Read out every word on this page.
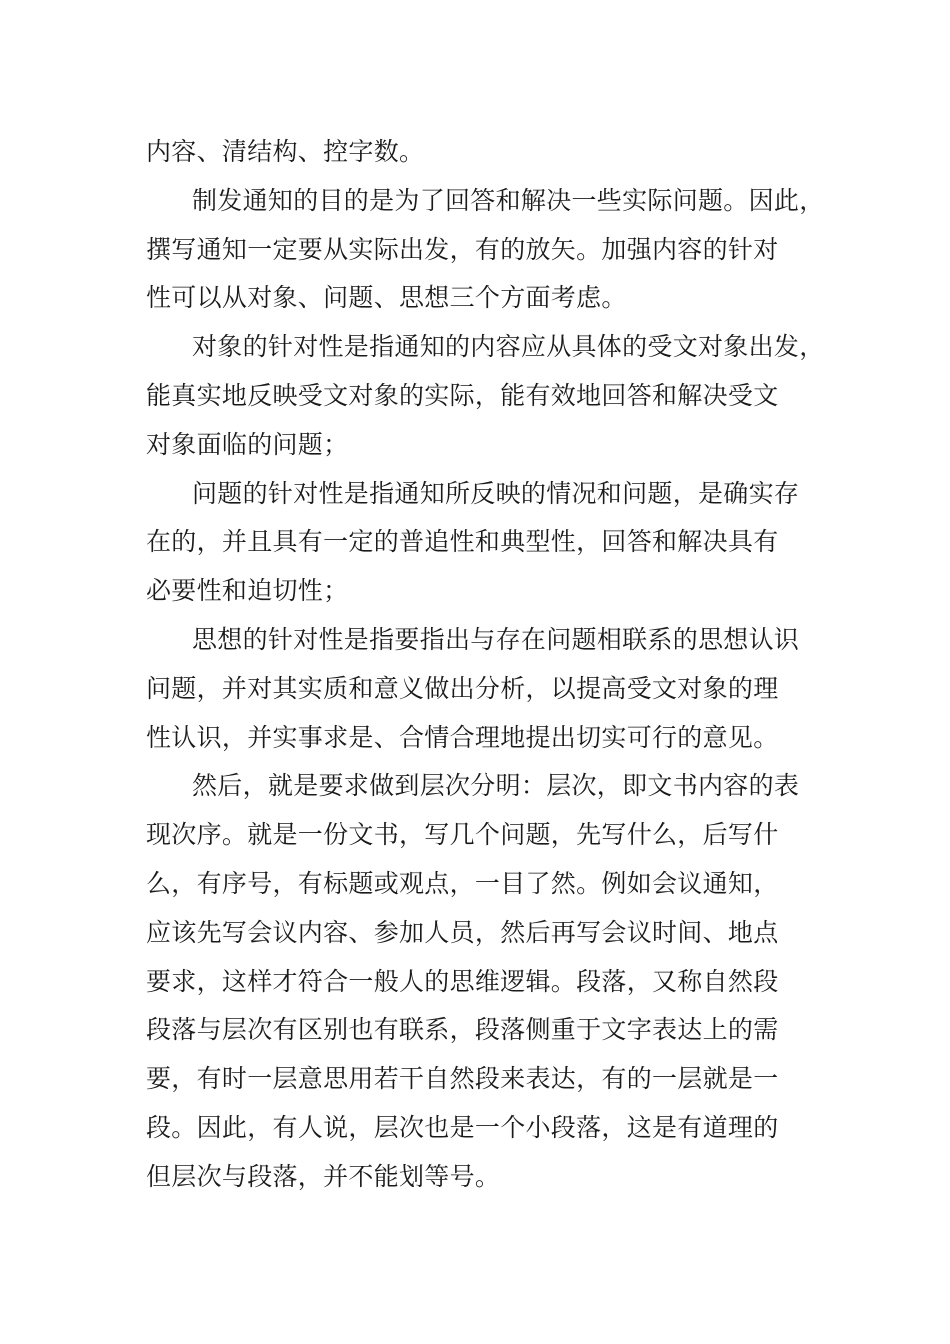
内容、清结构、控字数。
制发通知的目的是为了回答和解决一些实际问题。因此，
撰写通知一定要从实际出发，有的放矢。加强内容的针对
性可以从对象、问题、思想三个方面考虑。
对象的针对性是指通知的内容应从具体的受文对象出发，
能真实地反映受文对象的实际，能有效地回答和解决受文
对象面临的问题；
问题的针对性是指通知所反映的情况和问题，是确实存
在的，并且具有一定的普追性和典型性，回答和解决具有
必要性和迫切性；
思想的针对性是指要指出与存在问题相联系的思想认识
问题，并对其实质和意义做出分析，以提高受文对象的理
性认识，并实事求是、合情合理地提出切实可行的意见。
然后，就是要求做到层次分明：层次，即文书内容的表
现次序。就是一份文书，写几个问题，先写什么，后写什
么，有序号，有标题或观点，一目了然。例如会议通知，
应该先写会议内容、参加人员，然后再写会议时间、地点
要求，这样才符合一般人的思维逻辑。段落，又称自然段
段落与层次有区别也有联系，段落侧重于文字表达上的需
要，有时一层意思用若干自然段来表达，有的一层就是一
段。因此，有人说，层次也是一个小段落，这是有道理的
但层次与段落，并不能划等号。
